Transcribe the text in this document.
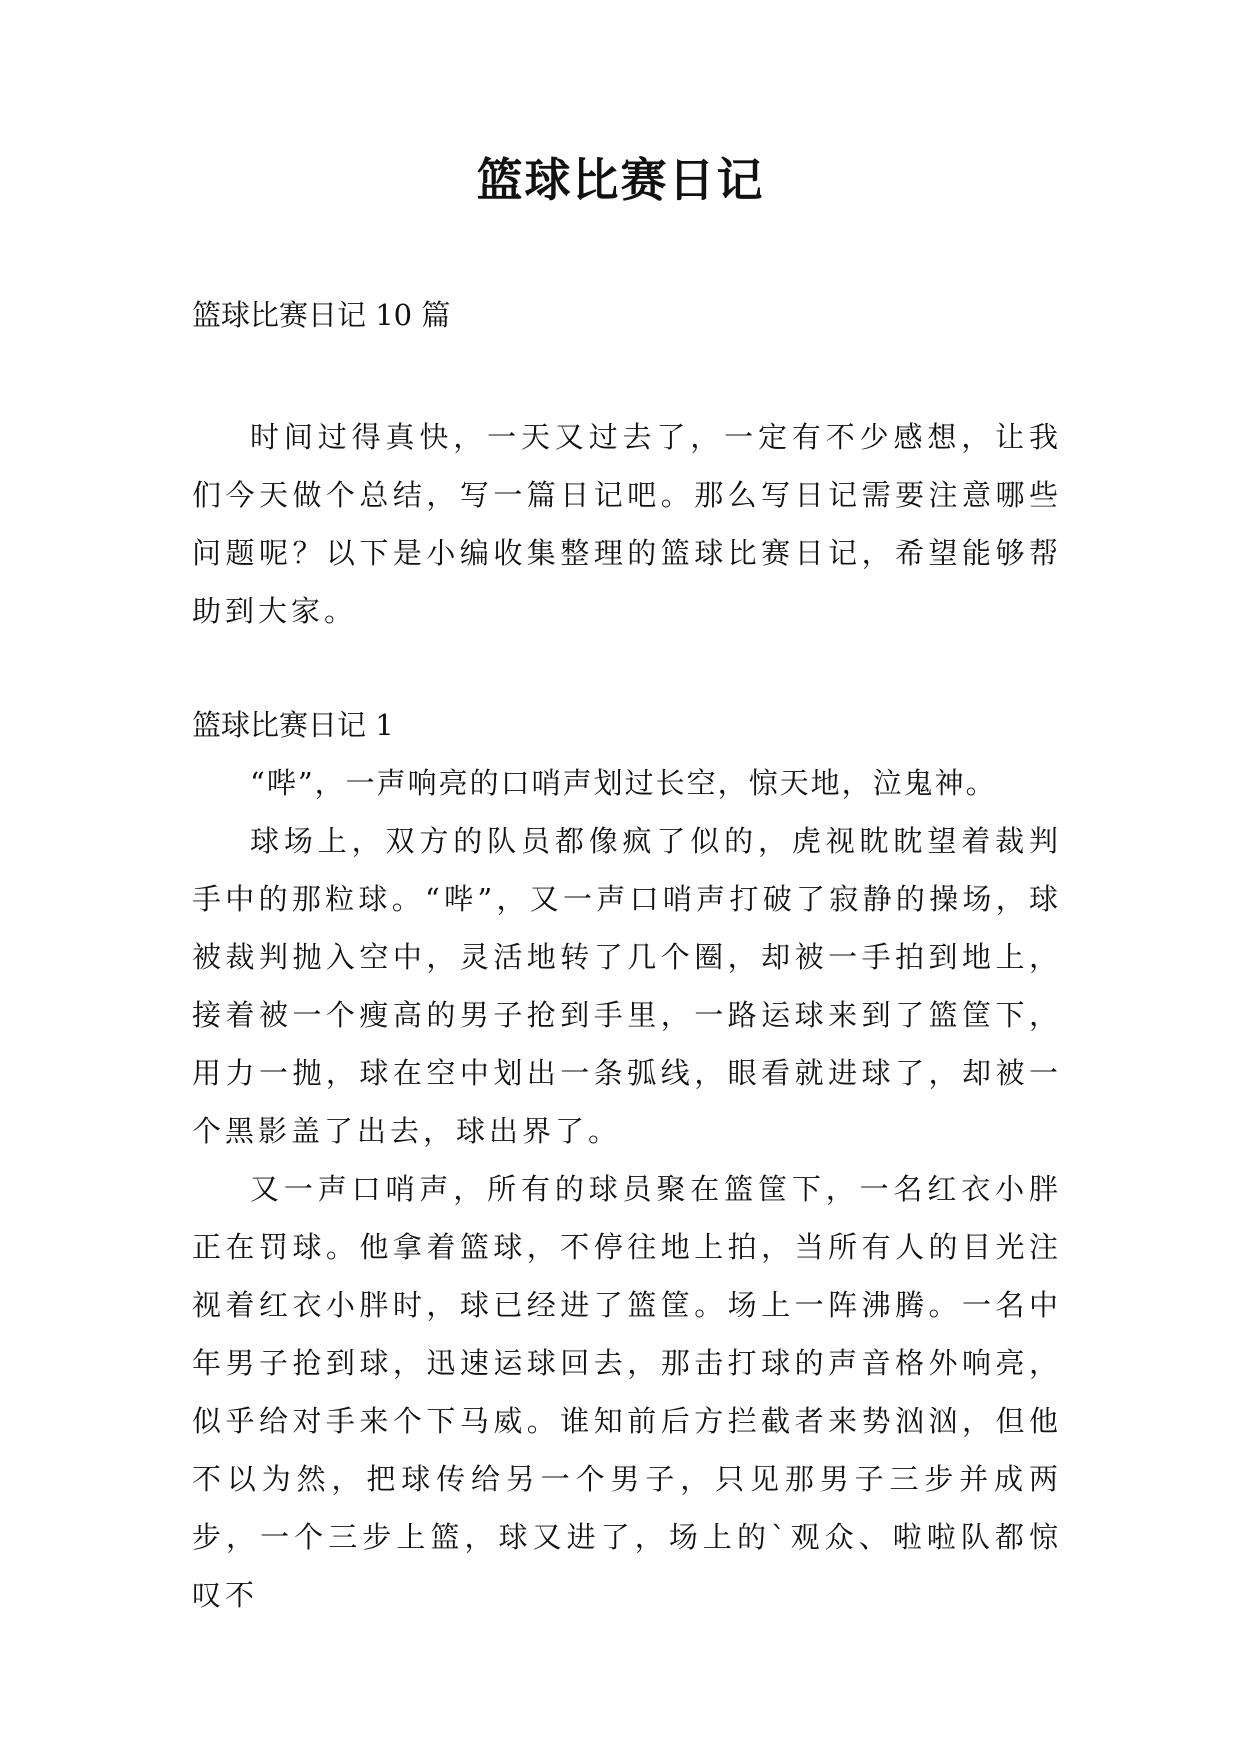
篮球比赛日记
篮球比赛日记 10 篇

时间过得真快，一天又过去了，一定有不少感想，让我们今天做个总结，写一篇日记吧。那么写日记需要注意哪些问题呢？以下是小编收集整理的篮球比赛日记，希望能够帮助到大家。

篮球比赛日记 1

“哔”，一声响亮的口哨声划过长空，惊天地，泣鬼神。

球场上，双方的队员都像疯了似的，虎视眈眈望着裁判手中的那粒球。“哔”，又一声口哨声打破了寂静的操场，球被裁判抛入空中，灵活地转了几个圈，却被一手拍到地上，接着被一个瘦高的男子抢到手里，一路运球来到了篮筐下，用力一抛，球在空中划出一条弧线，眼看就进球了，却被一个黑影盖了出去，球出界了。

又一声口哨声，所有的球员聚在篮筐下，一名红衣小胖正在罚球。他拿着篮球，不停往地上拍，当所有人的目光注视着红衣小胖时，球已经进了篮筐。场上一阵沸腾。一名中年男子抢到球，迅速运球回去，那击打球的声音格外响亮，似乎给对手来个下马威。谁知前后方拦截者来势汹汹，但他不以为然，把球传给另一个男子，只见那男子三步并成两步，一个三步上篮，球又进了，场上的`观众、啦啦队都惊叹不
